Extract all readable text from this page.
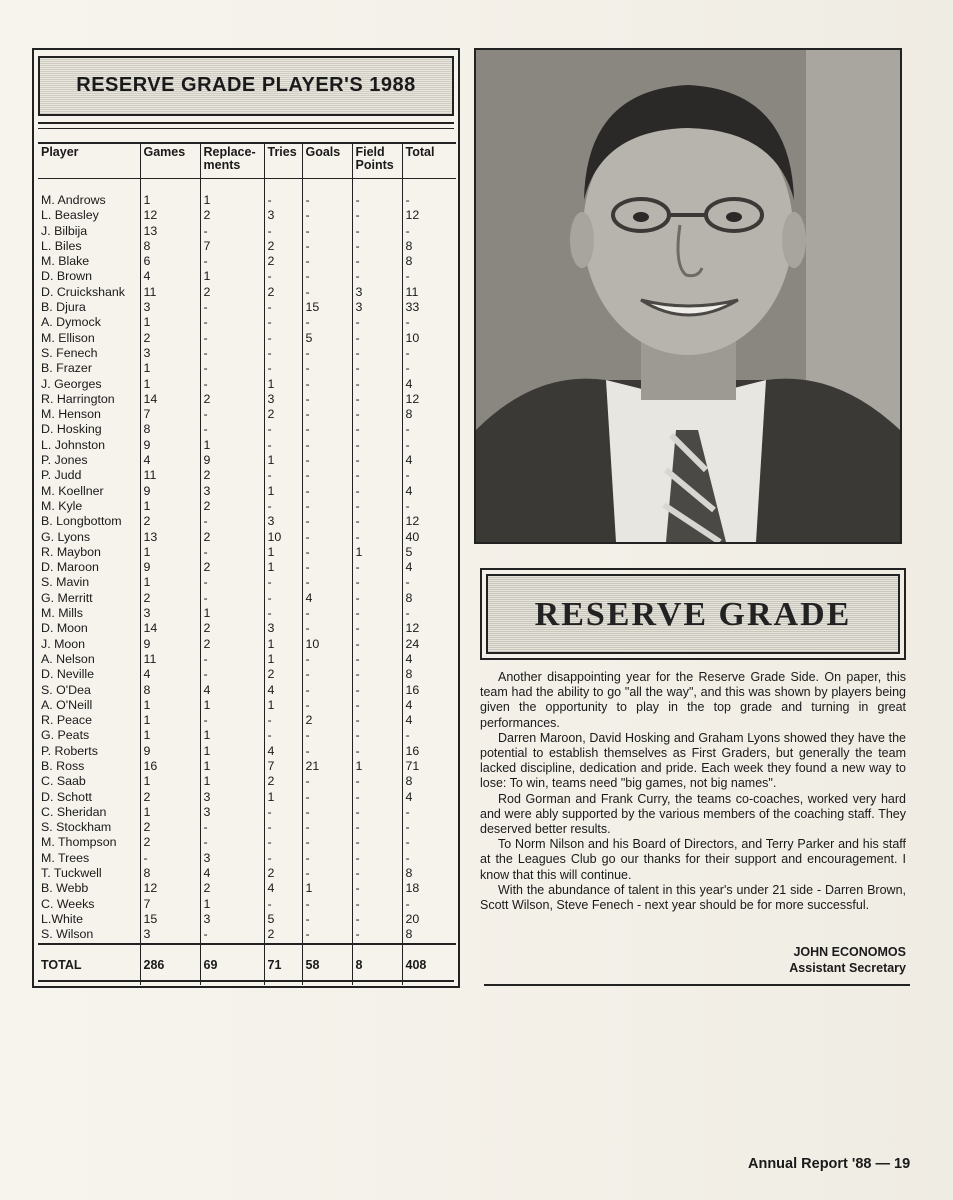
RESERVE GRADE PLAYER'S 1988
Player	Games	Replace-ments	Tries	Goals	Field Points	Total

M. Androws	1	1	-	-	-	-
L. Beasley	12	2	3	-	-	12
J. Bilbija	13	-	-	-	-	-
L. Biles	8	7	2	-	-	8
M. Blake	6	-	2	-	-	8
D. Brown	4	1	-	-	-	-
D. Cruickshank	11	2	2	-	3	11
B. Djura	3	-	-	15	3	33
A. Dymock	1	-	-	-	-	-
M. Ellison	2	-	-	5	-	10
S. Fenech	3	-	-	-	-	-
B. Frazer	1	-	-	-	-	-
J. Georges	1	-	1	-	-	4
R. Harrington	14	2	3	-	-	12
M. Henson	7	-	2	-	-	8
D. Hosking	8	-	-	-	-	-
L. Johnston	9	1	-	-	-	-
P. Jones	4	9	1	-	-	4
P. Judd	11	2	-	-	-	-
M. Koellner	9	3	1	-	-	4
M. Kyle	1	2	-	-	-	-
B. Longbottom	2	-	3	-	-	12
G. Lyons	13	2	10	-	-	40
R. Maybon	1	-	1	-	1	5
D. Maroon	9	2	1	-	-	4
S. Mavin	1	-	-	-	-	-
G. Merritt	2	-	-	4	-	8
M. Mills	3	1	-	-	-	-
D. Moon	14	2	3	-	-	12
J. Moon	9	2	1	10	-	24
A. Nelson	11	-	1	-	-	4
D. Neville	4	-	2	-	-	8
S. O'Dea	8	4	4	-	-	16
A. O'Neill	1	1	1	-	-	4
R. Peace	1	-	-	2	-	4
G. Peats	1	1	-	-	-	-
P. Roberts	9	1	4	-	-	16
B. Ross	16	1	7	21	1	71
C. Saab	1	1	2	-	-	8
D. Schott	2	3	1	-	-	4
C. Sheridan	1	3	-	-	-	-
S. Stockham	2	-	-	-	-	-
M. Thompson	2	-	-	-	-	-
M. Trees	-	3	-	-	-	-
T. Tuckwell	8	4	2	-	-	8
B. Webb	12	2	4	1	-	18
C. Weeks	7	1	-	-	-	-
L.White	15	3	5	-	-	20
S. Wilson	3	-	2	-	-	8
TOTAL	286	69	71	58	8	408
RESERVE GRADE

Another disappointing year for the Reserve Grade Side. On paper, this team had the ability to go "all the way", and this was shown by players being given the opportunity to play in the top grade and turning in great performances.

Darren Maroon, David Hosking and Graham Lyons showed they have the potential to establish themselves as First Graders, but generally the team lacked discipline, dedication and pride. Each week they found a new way to lose: To win, teams need "big games, not big names".

Rod Gorman and Frank Curry, the teams co-coaches, worked very hard and were ably supported by the various members of the coaching staff. They deserved better results.

To Norm Nilson and his Board of Directors, and Terry Parker and his staff at the Leagues Club go our thanks for their support and encouragement. I know that this will continue.

With the abundance of talent in this year's under 21 side - Darren Brown, Scott Wilson, Steve Fenech - next year should be for more successful.

JOHN ECONOMOS
Assistant Secretary
Annual Report '88 — 19
